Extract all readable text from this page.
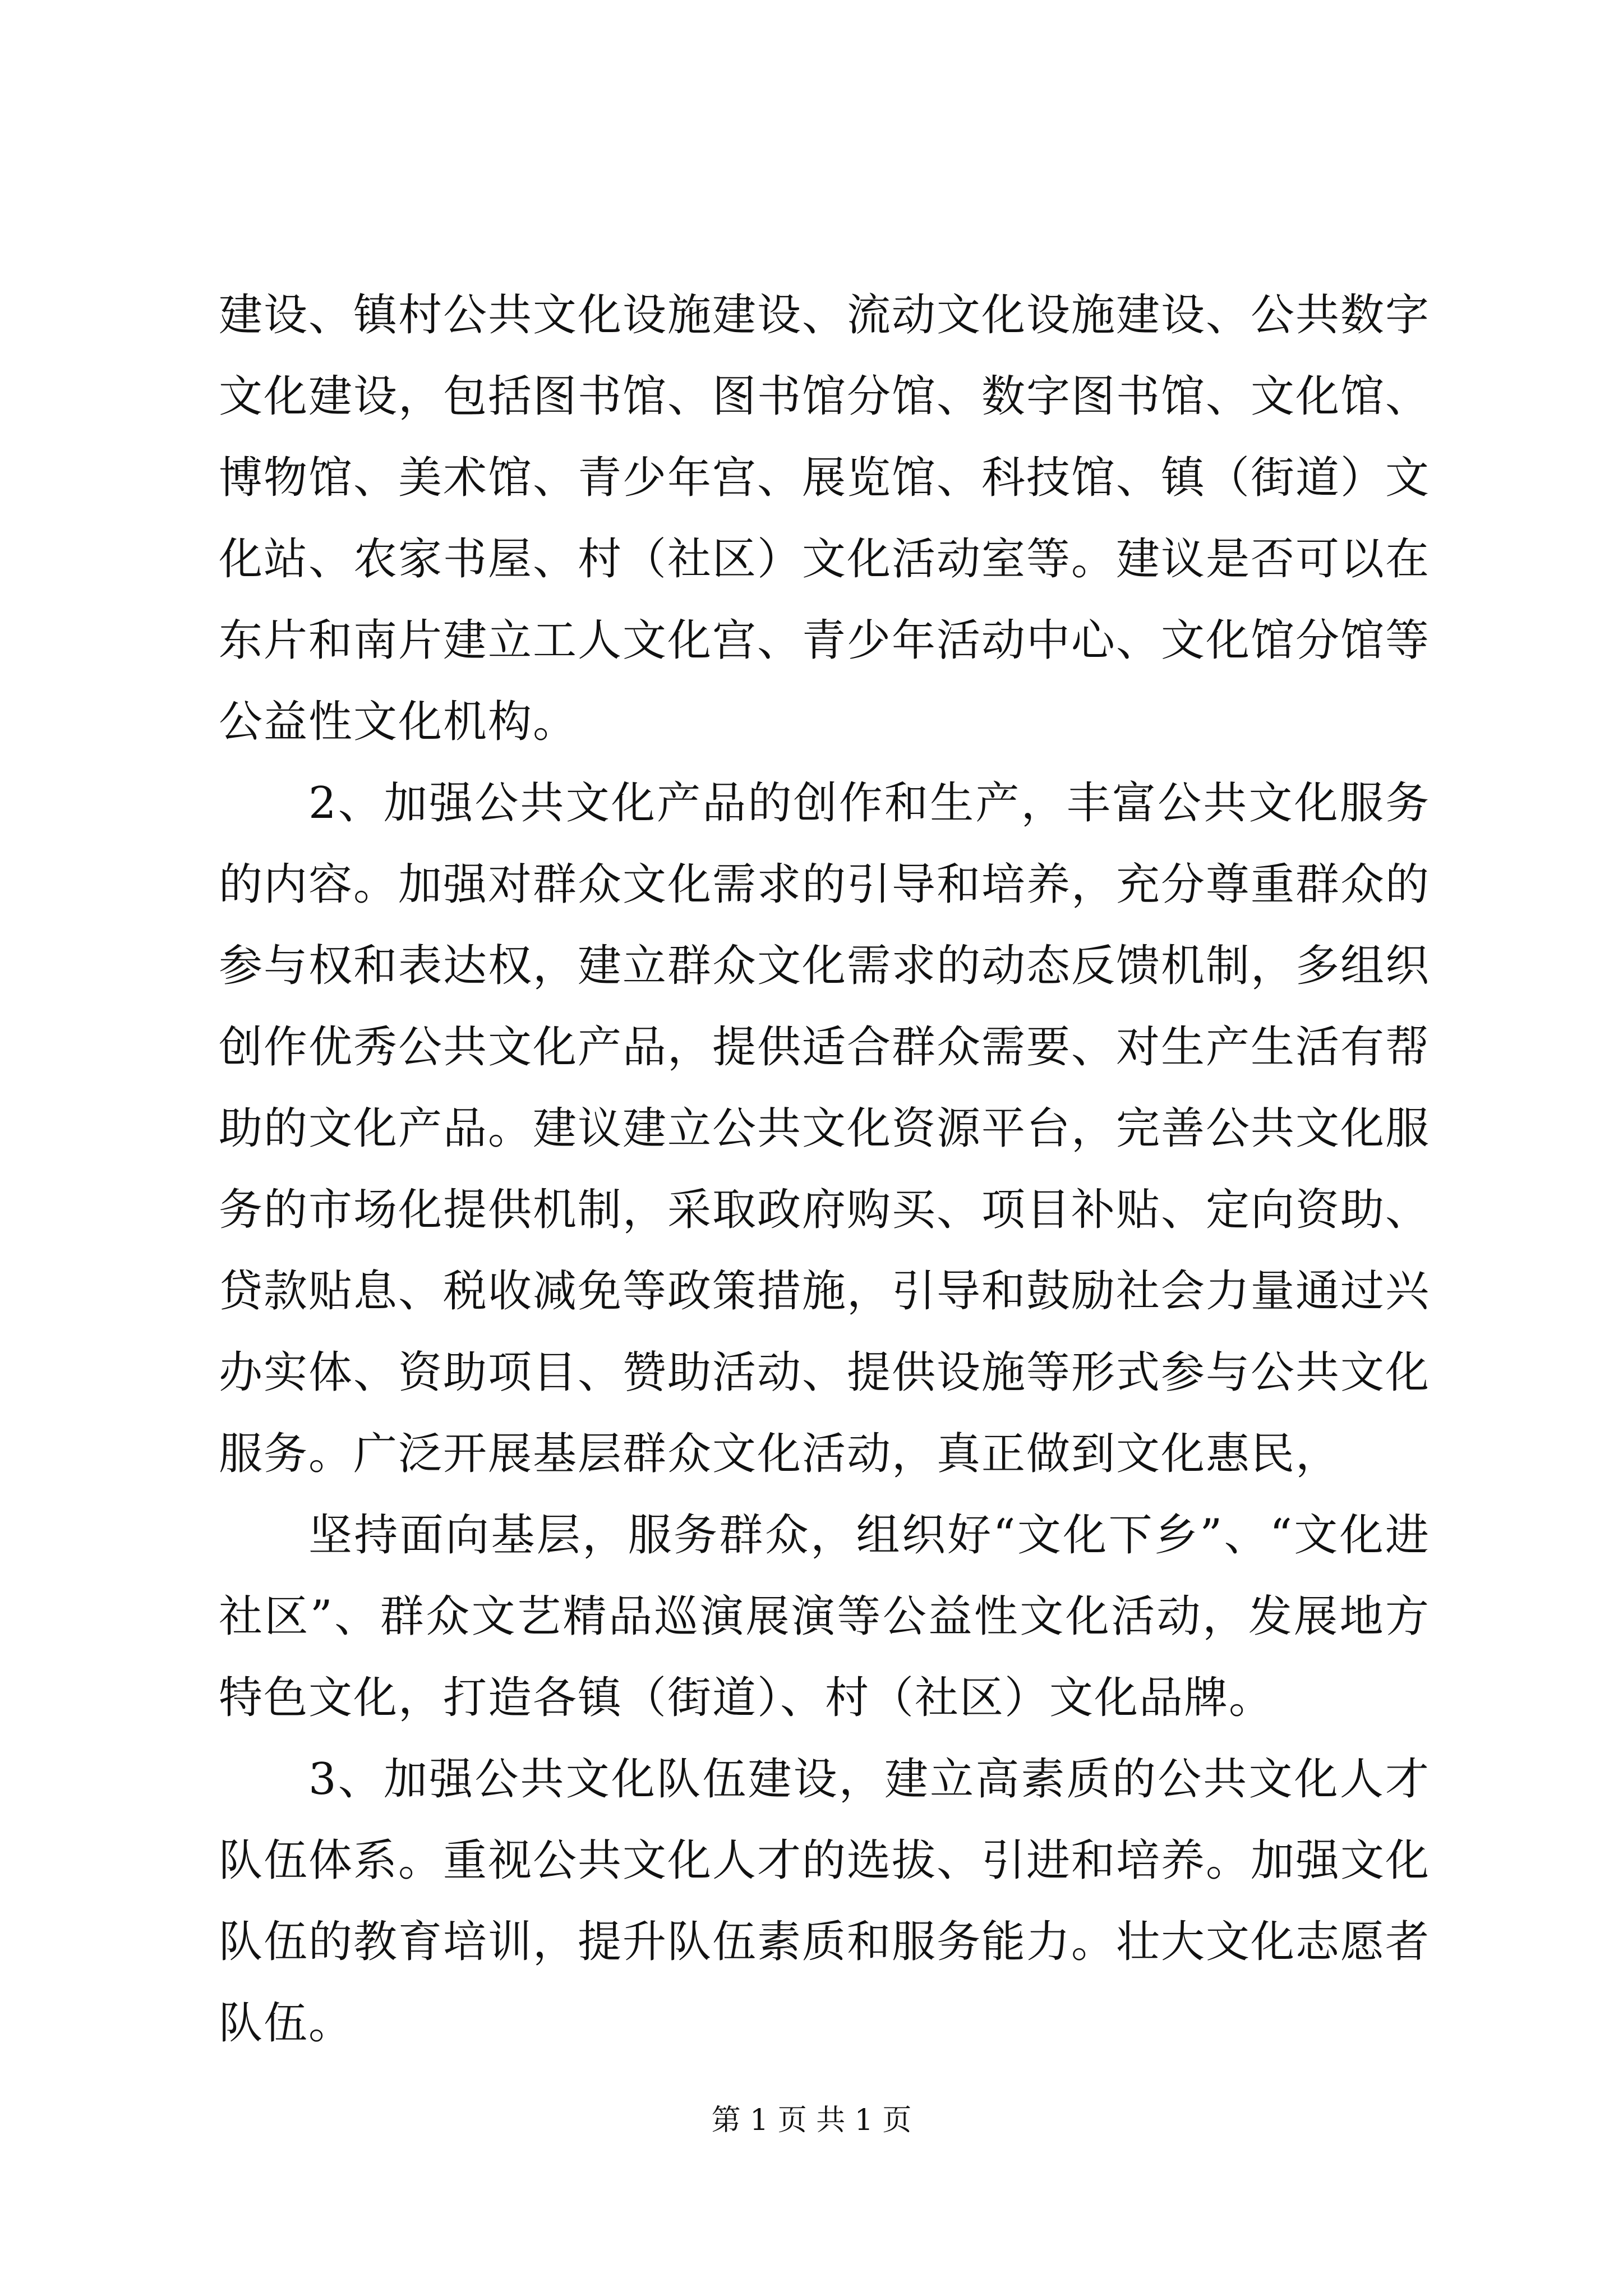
建设、镇村公共文化设施建设、流动文化设施建设、公共数字文化建设，包括图书馆、图书馆分馆、数字图书馆、文化馆、博物馆、美术馆、青少年宫、展览馆、科技馆、镇（街道）文化站、农家书屋、村（社区）文化活动室等。建议是否可以在东片和南片建立工人文化宫、青少年活动中心、文化馆分馆等公益性文化机构。

2、加强公共文化产品的创作和生产，丰富公共文化服务的内容。加强对群众文化需求的引导和培养，充分尊重群众的参与权和表达权，建立群众文化需求的动态反馈机制，多组织创作优秀公共文化产品，提供适合群众需要、对生产生活有帮助的文化产品。建议建立公共文化资源平台，完善公共文化服务的市场化提供机制，采取政府购买、项目补贴、定向资助、贷款贴息、税收减免等政策措施，引导和鼓励社会力量通过兴办实体、资助项目、赞助活动、提供设施等形式参与公共文化服务。广泛开展基层群众文化活动，真正做到文化惠民，

坚持面向基层，服务群众，组织好“文化下乡”、“文化进社区”、群众文艺精品巡演展演等公益性文化活动，发展地方特色文化，打造各镇（街道）、村（社区）文化品牌。

3、加强公共文化队伍建设，建立高素质的公共文化人才队伍体系。重视公共文化人才的选拔、引进和培养。加强文化队伍的教育培训，提升队伍素质和服务能力。壮大文化志愿者队伍。

第 1 页 共 1 页
